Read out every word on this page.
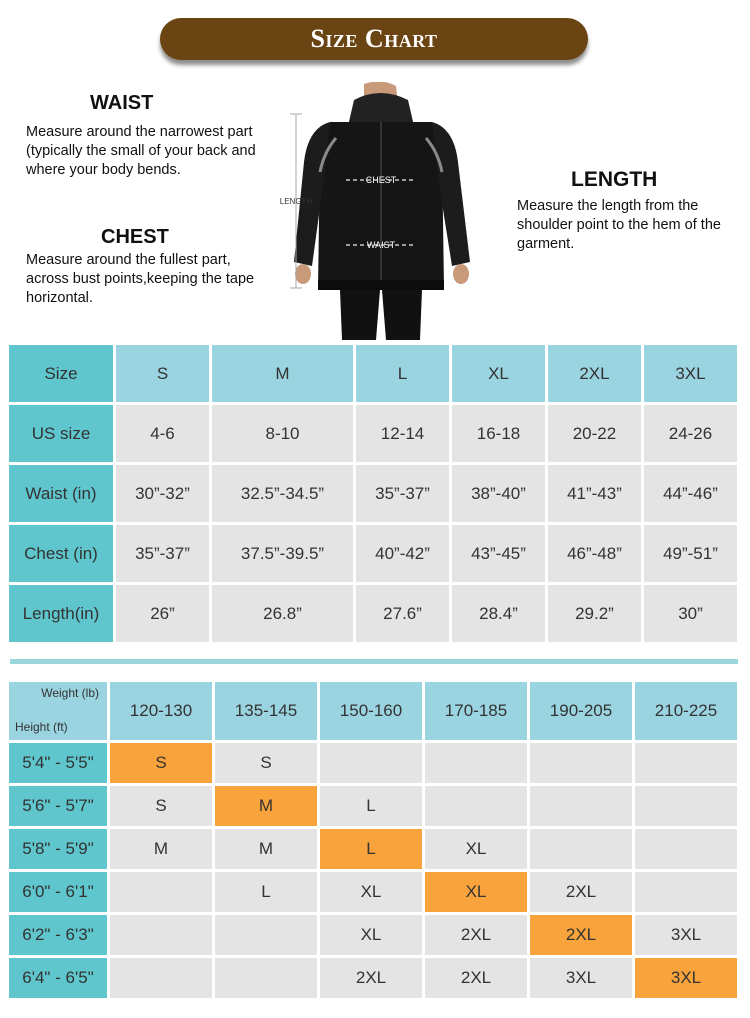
Size Chart
WAIST
Measure around the narrowest part (typically the small of your back and where your body bends.
CHEST
Measure around the fullest part, across bust points,keeping the tape horizontal.
LENGTH
Measure the length from the shoulder point to the hem of the garment.
CHEST
WAIST
LENGTH
Size	S	M	L	XL	2XL	3XL
US size	4-6	8-10	12-14	16-18	20-22	24-26
Waist (in)	30”-32”	32.5”-34.5”	35”-37”	38”-40”	41”-43”	44”-46”
Chest (in)	35”-37”	37.5”-39.5”	40”-42”	43”-45”	46”-48”	49”-51”
Length(in)	26”	26.8”	27.6”	28.4”	29.2”	30”
Weight (lb)
Height (ft)	120-130	135-145	150-160	170-185	190-205	210-225
5'4" - 5'5"	S	S				
5'6" - 5'7"	S	M	L			
5'8" - 5'9"	M	M	L	XL		
6'0" - 6'1"		L	XL	XL	2XL	
6'2" - 6'3"			XL	2XL	2XL	3XL
6'4" - 6'5"			2XL	2XL	3XL	3XL
